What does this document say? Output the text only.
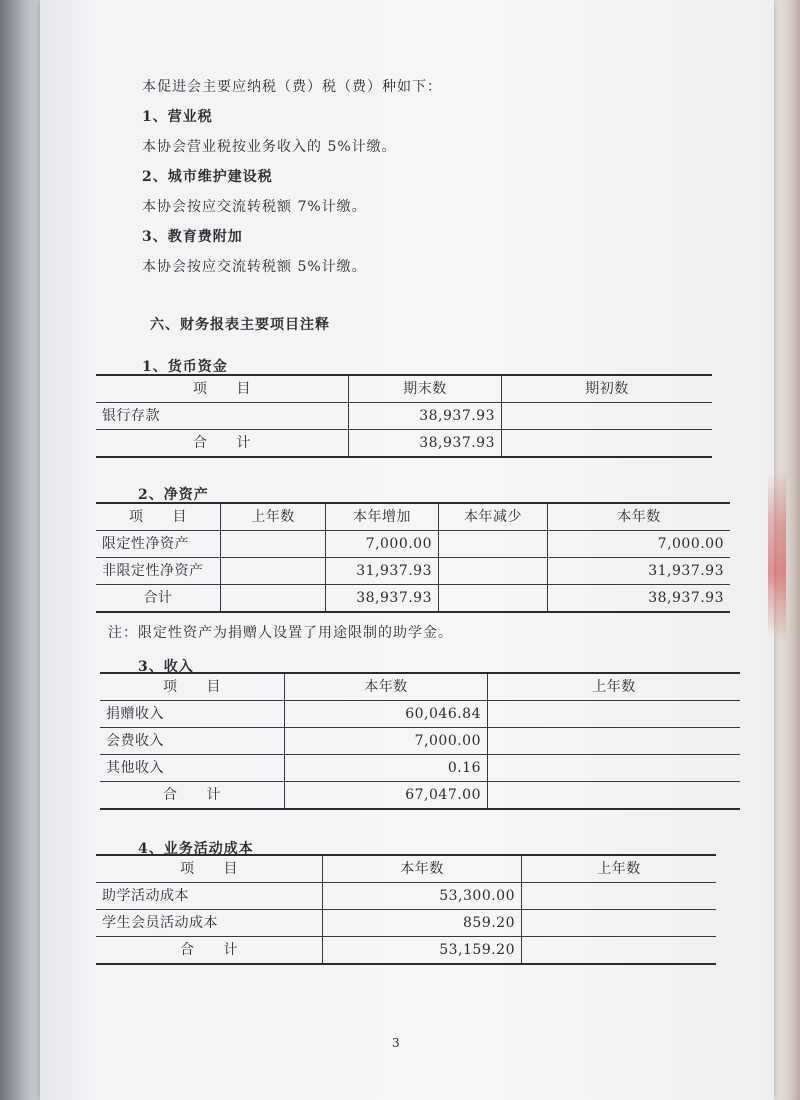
本促进会主要应纳税（费）税（费）种如下：
1、营业税
本协会营业税按业务收入的 5%计缴。
2、城市维护建设税
本协会按应交流转税额 7%计缴。
3、教育费附加
本协会按应交流转税额 5%计缴。
六、财务报表主要项目注释
1、货币资金
项　　目	期末数	期初数
银行存款	38,937.93	
合　　计	38,937.93	
2、净资产
项　　目	上年数	本年增加	本年减少	本年数
限定性净资产		7,000.00		7,000.00
非限定性净资产		31,937.93		31,937.93
合计		38,937.93		38,937.93
注：限定性资产为捐赠人设置了用途限制的助学金。
3、收入
项　　目	本年数	上年数
捐赠收入	60,046.84	
会费收入	7,000.00	
其他收入	0.16	
合　　计	67,047.00	
4、业务活动成本
项　　目	本年数	上年数
助学活动成本	53,300.00	
学生会员活动成本	859.20	
合　　计	53,159.20	
3
